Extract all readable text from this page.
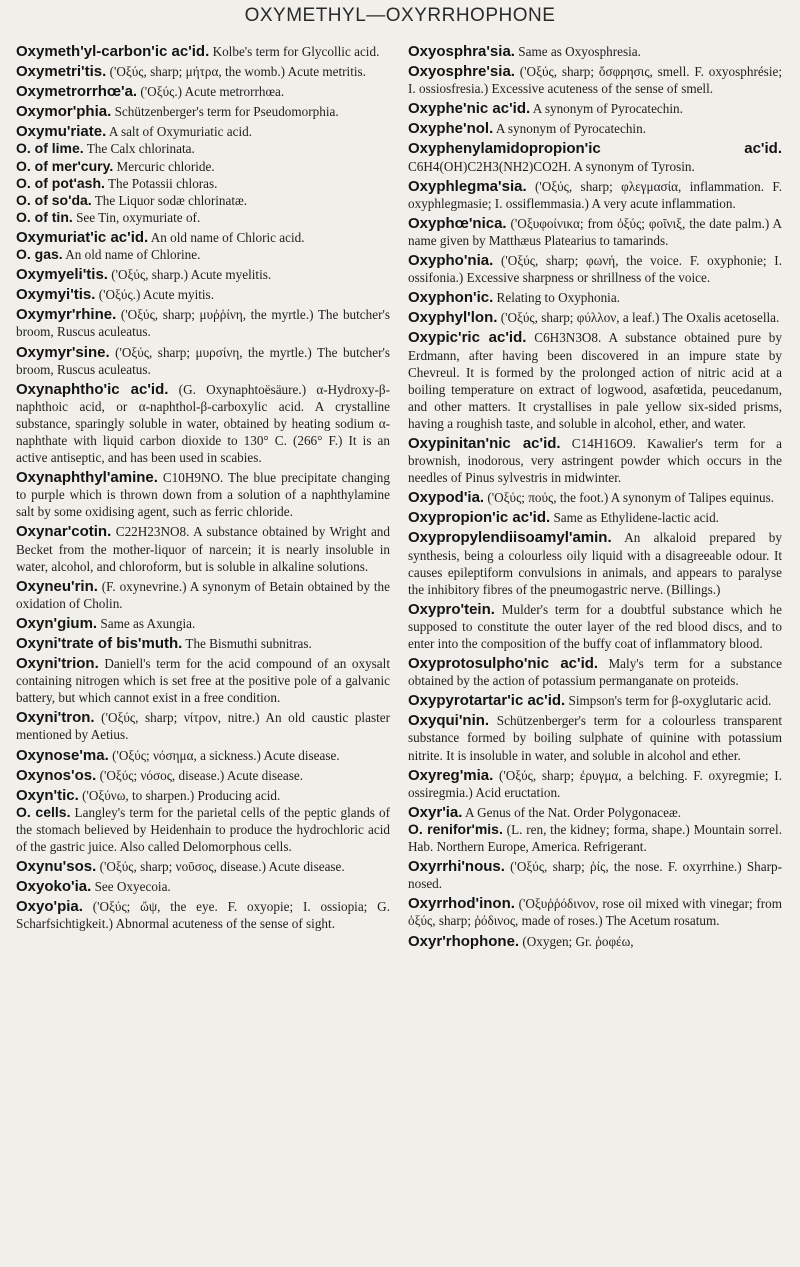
OXYMETHYL—OXYRRHOPHONE

Oxymeth'yl-carbon'ic ac'id. Kolbe's term for Glycollic acid.

Oxymetri'tis. ('Οξύς, sharp; μήτρα, the womb.) Acute metritis.

Oxymetrorrhœ'a. ('Οξύς.) Acute metrorrhœa.

Oxymor'phia. Schützenberger's term for Pseudomorphia.

Oxymu'riate. A salt of Oxymuriatic acid.

O. of lime. The Calx chlorinata.

O. of mer'cury. Mercuric chloride.

O. of pot'ash. The Potassii chloras.

O. of so'da. The Liquor sodæ chlorinatæ.

O. of tin. See Tin, oxymuriate of.

Oxymuriat'ic ac'id. An old name of Chloric acid.

O. gas. An old name of Chlorine.

Oxymyeli'tis. ('Οξύς, sharp.) Acute myelitis.

Oxymyi'tis. ('Οξύς.) Acute myitis.

Oxymyr'rhine. ('Οξύς, sharp; μυῤῥίνη, the myrtle.) The butcher's broom, Ruscus aculeatus.

Oxymyr'sine. ('Οξύς, sharp; μυρσίνη, the myrtle.) The butcher's broom, Ruscus aculeatus.

Oxynaphtho'ic ac'id. (G. Oxynaphtoësäure.) α-Hydroxy-β-naphthoic acid, or α-naphthol-β-carboxylic acid. A crystalline substance, sparingly soluble in water, obtained by heating sodium α-naphthate with liquid carbon dioxide to 130° C. (266° F.) It is an active antiseptic, and has been used in scabies.

Oxynaphthyl'amine. C10H9NO. The blue precipitate changing to purple which is thrown down from a solution of a naphthylamine salt by some oxidising agent, such as ferric chloride.

Oxynar'cotin. C22H23NO8. A substance obtained by Wright and Becket from the mother-liquor of narcein; it is nearly insoluble in water, alcohol, and chloroform, but is soluble in alkaline solutions.

Oxyneu'rin. (F. oxynevrine.) A synonym of Betain obtained by the oxidation of Cholin.

Oxyn'gium. Same as Axungia.

Oxyni'trate of bis'muth. The Bismuthi subnitras.

Oxyni'trion. Daniell's term for the acid compound of an oxysalt containing nitrogen which is set free at the positive pole of a galvanic battery, but which cannot exist in a free condition.

Oxyni'tron. ('Οξύς, sharp; νίτρον, nitre.) An old caustic plaster mentioned by Aetius.

Oxynose'ma. ('Οξύς; νόσημα, a sickness.) Acute disease.

Oxynos'os. ('Οξύς; νόσος, disease.) Acute disease.

Oxyn'tic. ('Οξύνω, to sharpen.) Producing acid.

O. cells. Langley's term for the parietal cells of the peptic glands of the stomach believed by Heidenhain to produce the hydrochloric acid of the gastric juice. Also called Delomorphous cells.

Oxynu'sos. ('Οξύς, sharp; νοῦσος, disease.) Acute disease.

Oxyoko'ia. See Oxyecoia.

Oxyo'pia. ('Οξύς; ὤψ, the eye. F. oxyopie; I. ossiopia; G. Scharfsichtigkeit.) Abnormal acuteness of the sense of sight.

Oxyosphra'sia. Same as Oxyosphresia.

Oxyosphre'sia. ('Οξύς, sharp; ὄσφρησις, smell. F. oxyosphrésie; I. ossiosfresia.) Excessive acuteness of the sense of smell.

Oxyphe'nic ac'id. A synonym of Pyrocatechin.

Oxyphe'nol. A synonym of Pyrocatechin.

Oxyphenylamidopropion'ic ac'id. C6H4(OH)C2H3(NH2)CO2H. A synonym of Tyrosin.

Oxyphlegma'sia. ('Οξύς, sharp; φλεγμασία, inflammation. F. oxyphlegmasie; I. ossiflemmasia.) A very acute inflammation.

Oxyphœ'nica. ('Οξυφοίνικα; from ὀξύς; φοῖνιξ, the date palm.) A name given by Matthæus Platearius to tamarinds.

Oxypho'nia. ('Οξύς, sharp; φωνή, the voice. F. oxyphonie; I. ossifonia.) Excessive sharpness or shrillness of the voice.

Oxyphon'ic. Relating to Oxyphonia.

Oxyphyl'lon. ('Οξύς, sharp; φύλλον, a leaf.) The Oxalis acetosella.

Oxypic'ric ac'id. C6H3N3O8. A substance obtained pure by Erdmann, after having been discovered in an impure state by Chevreul. It is formed by the prolonged action of nitric acid at a boiling temperature on extract of logwood, asafœtida, peucedanum, and other matters. It crystallises in pale yellow six-sided prisms, having a roughish taste, and soluble in alcohol, ether, and water.

Oxypinitan'nic ac'id. C14H16O9. Kawalier's term for a brownish, inodorous, very astringent powder which occurs in the needles of Pinus sylvestris in midwinter.

Oxypod'ia. ('Οξύς; πούς, the foot.) A synonym of Talipes equinus.

Oxypropion'ic ac'id. Same as Ethylidene-lactic acid.

Oxypropylendiisoamyl'amin. An alkaloid prepared by synthesis, being a colourless oily liquid with a disagreeable odour. It causes epileptiform convulsions in animals, and appears to paralyse the inhibitory fibres of the pneumogastric nerve. (Billings.)

Oxypro'tein. Mulder's term for a doubtful substance which he supposed to constitute the outer layer of the red blood discs, and to enter into the composition of the buffy coat of inflammatory blood.

Oxyprotosulpho'nic ac'id. Maly's term for a substance obtained by the action of potassium permanganate on proteids.

Oxypyrotartar'ic ac'id. Simpson's term for β-oxyglutaric acid.

Oxyqui'nin. Schützenberger's term for a colourless transparent substance formed by boiling sulphate of quinine with potassium nitrite. It is insoluble in water, and soluble in alcohol and ether.

Oxyreg'mia. ('Οξύς, sharp; ἐρυγμα, a belching. F. oxyregmie; I. ossiregmia.) Acid eructation.

Oxyr'ia. A Genus of the Nat. Order Polygonaceæ.

O. renifor'mis. (L. ren, the kidney; forma, shape.) Mountain sorrel. Hab. Northern Europe, America. Refrigerant.

Oxyrrhi'nous. ('Οξύς, sharp; ῥίς, the nose. F. oxyrrhine.) Sharp-nosed.

Oxyrrhod'inon. ('Οξυῤῥόδινον, rose oil mixed with vinegar; from ὀξύς, sharp; ῥόδινος, made of roses.) The Acetum rosatum.

Oxyr'rhophone. (Oxygen; Gr. ῥοφέω,
